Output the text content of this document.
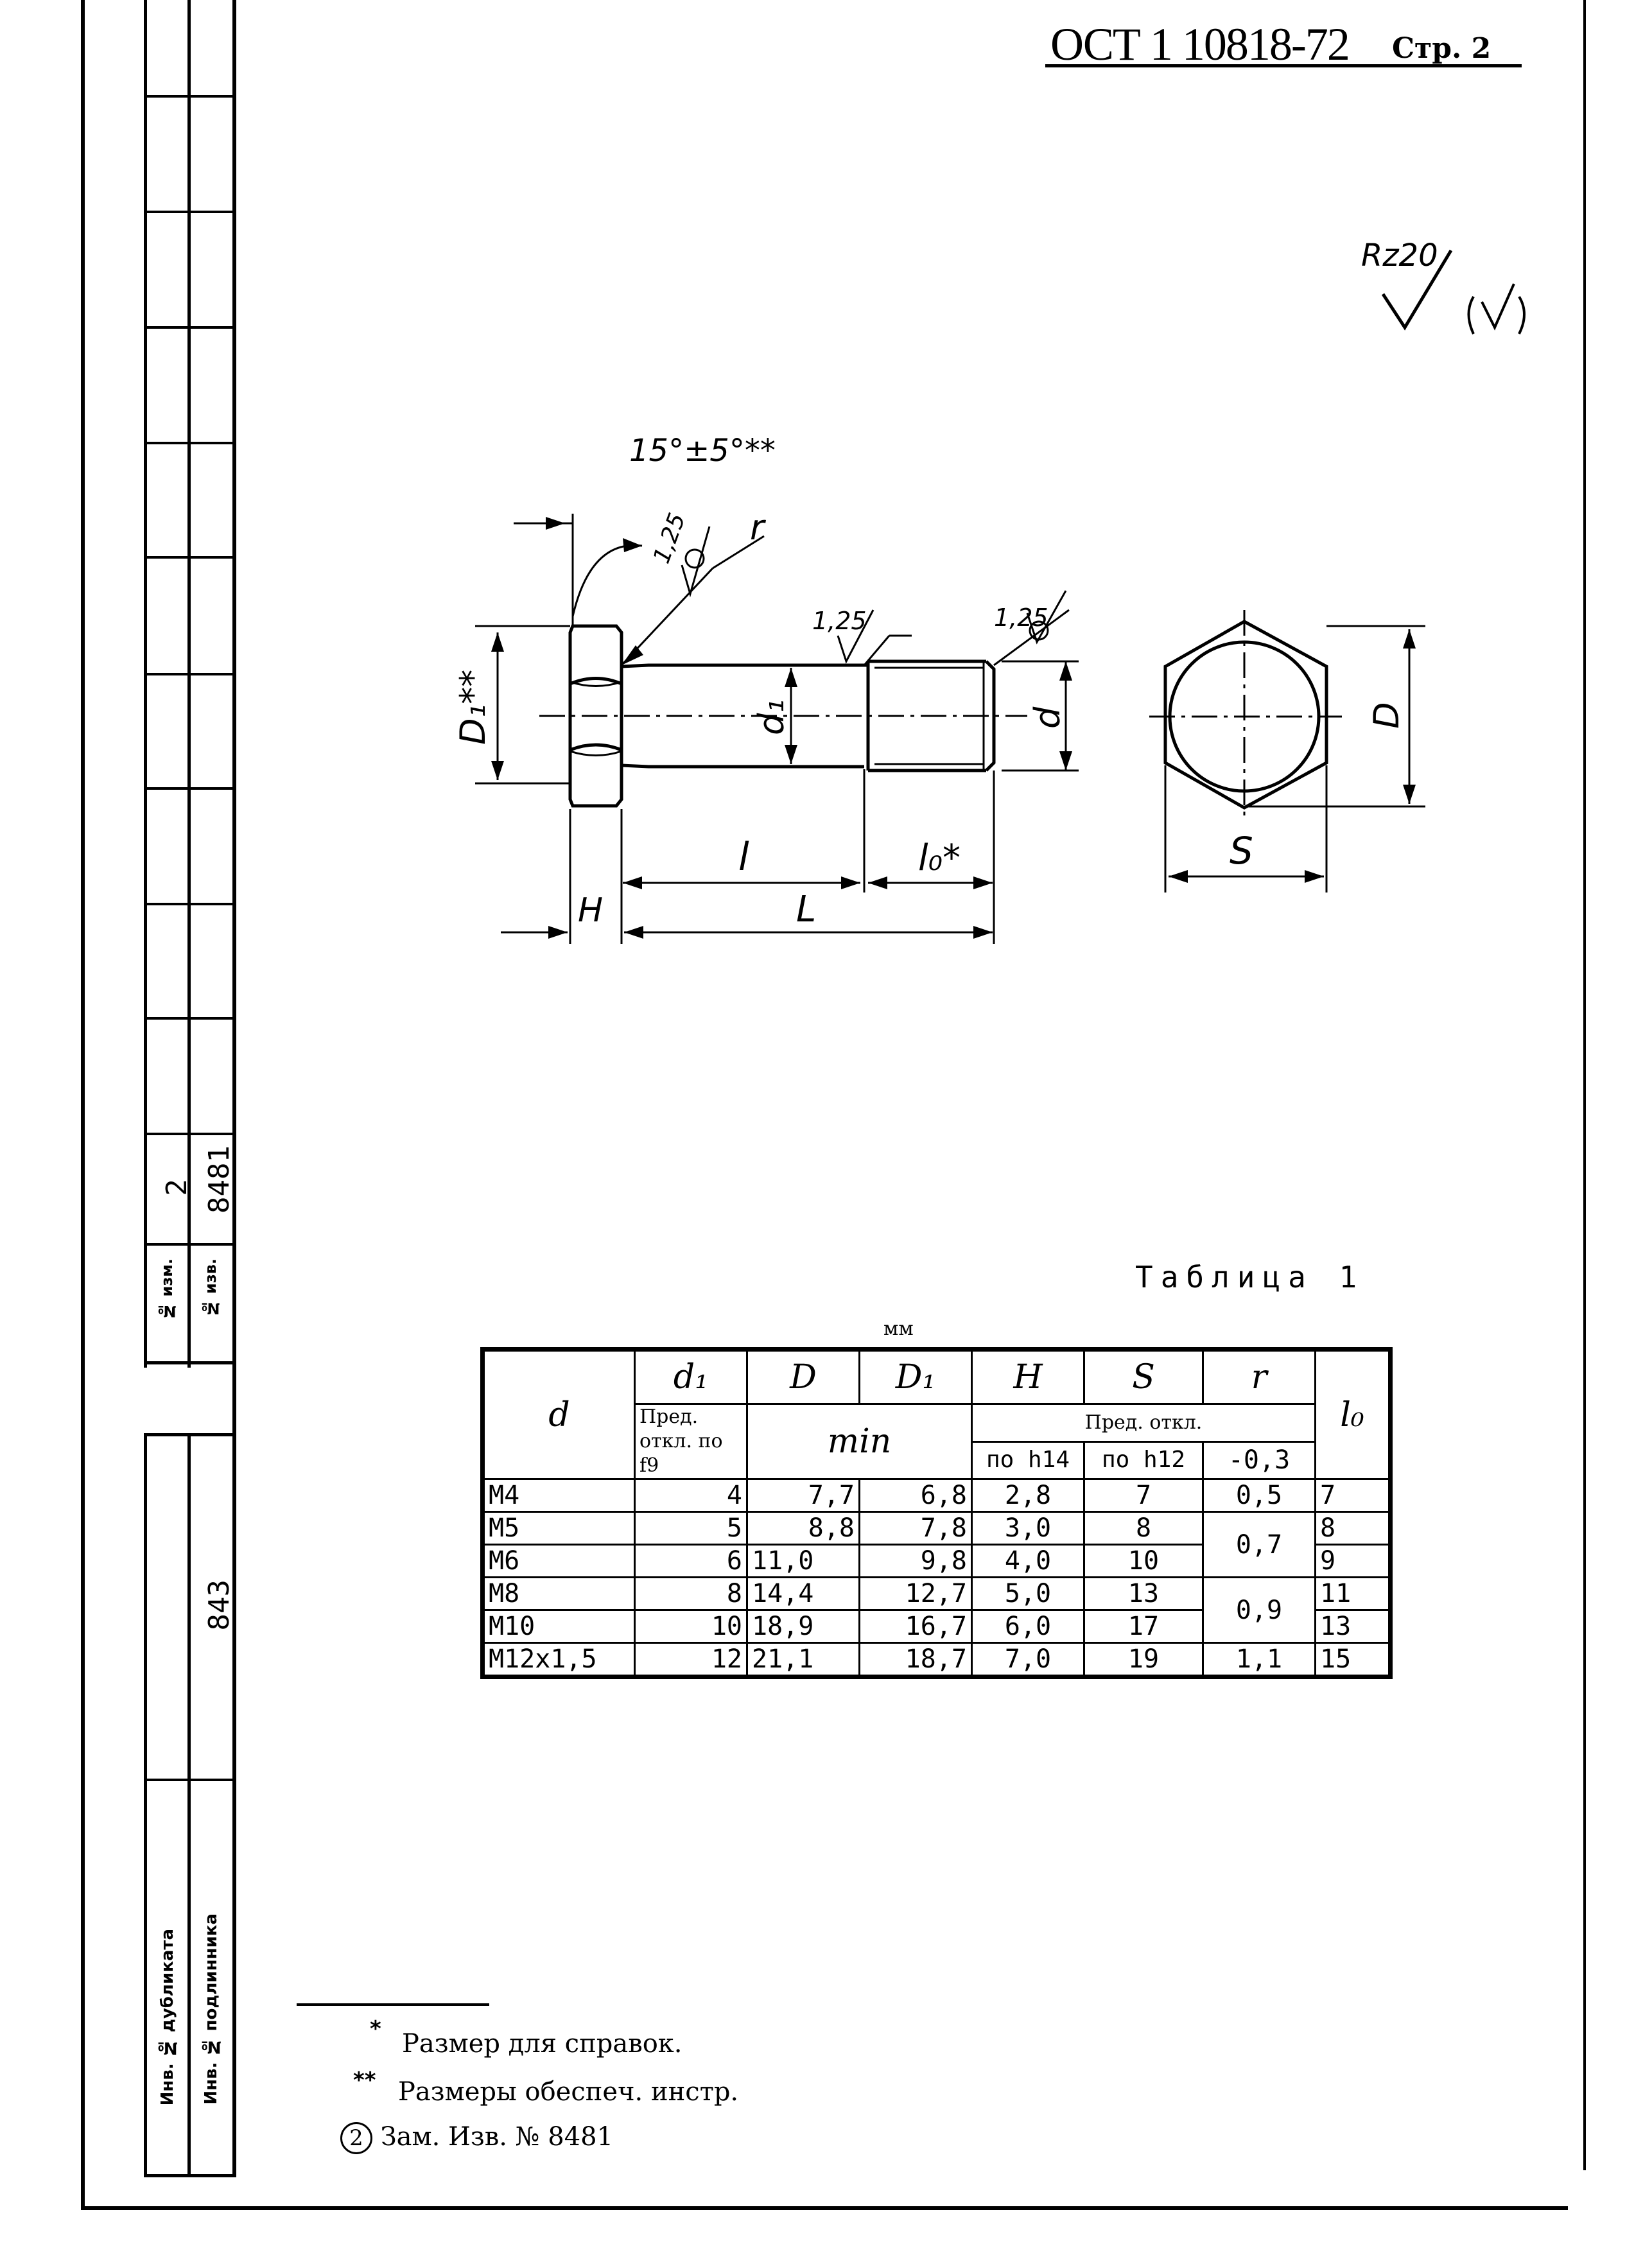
2 8481
№ изм. № изв.
843
Инв. № дубликата Инв. № подлинника
ОСТ 1 10818-72 Стр. 2
Rz20
15°±5°**
1,25 r
1,25	1,25
D₁**	d₁	d	D
l	l₀*
L
H
S
Таблица 1
мм
d	d₁	D	D₁	H	S	r	l₀
	Пред. откл. по f9	min		Пред. откл.			
				по h14	по h12	-0,3	
М4	4	7,7	6,8	2,8	7	0,5	7
М5	5	8,8	7,8	3,0	8	0,7	8
М6	6	11,0	9,8	4,0	10		9
М8	8	14,4	12,7	5,0	13	0,9	11
М10	10	18,9	16,7	6,0	17		13
М12x1,5	12	21,1	18,7	7,0	19	1,1	15
* Размер для справок.
** Размеры обеспеч. инстр.
2 Зам. Изв. № 8481
